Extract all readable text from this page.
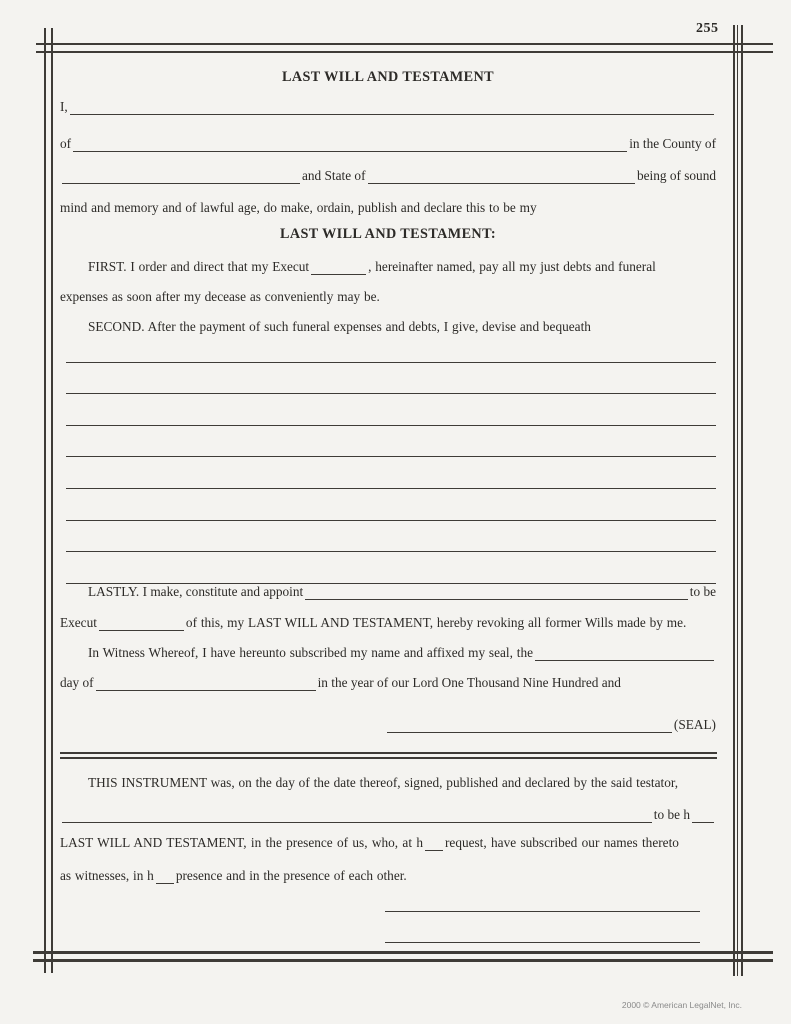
255
LAST WILL AND TESTAMENT
I,
of	in the County of
and State of	being of sound
mind and memory and of lawful age, do make, ordain, publish and declare this to be my
LAST WILL AND TESTAMENT:
FIRST. I order and direct that my Execut	, hereinafter named, pay all my just debts and funeral
expenses as soon after my decease as conveniently may be.
SECOND. After the payment of such funeral expenses and debts, I give, devise and bequeath
LASTLY. I make, constitute and appoint	to be
Execut	of this, my LAST WILL AND TESTAMENT, hereby revoking all former Wills made by me.
In Witness Whereof, I have hereunto subscribed my name and affixed my seal, the
day of	in the year of our Lord One Thousand Nine Hundred and
(SEAL)
THIS INSTRUMENT was, on the day of the date thereof, signed, published and declared by the said testator,
to be h
LAST WILL AND TESTAMENT, in the presence of us, who, at h request, have subscribed our names thereto
as witnesses, in h presence and in the presence of each other.
2000 © American LegalNet, Inc.
